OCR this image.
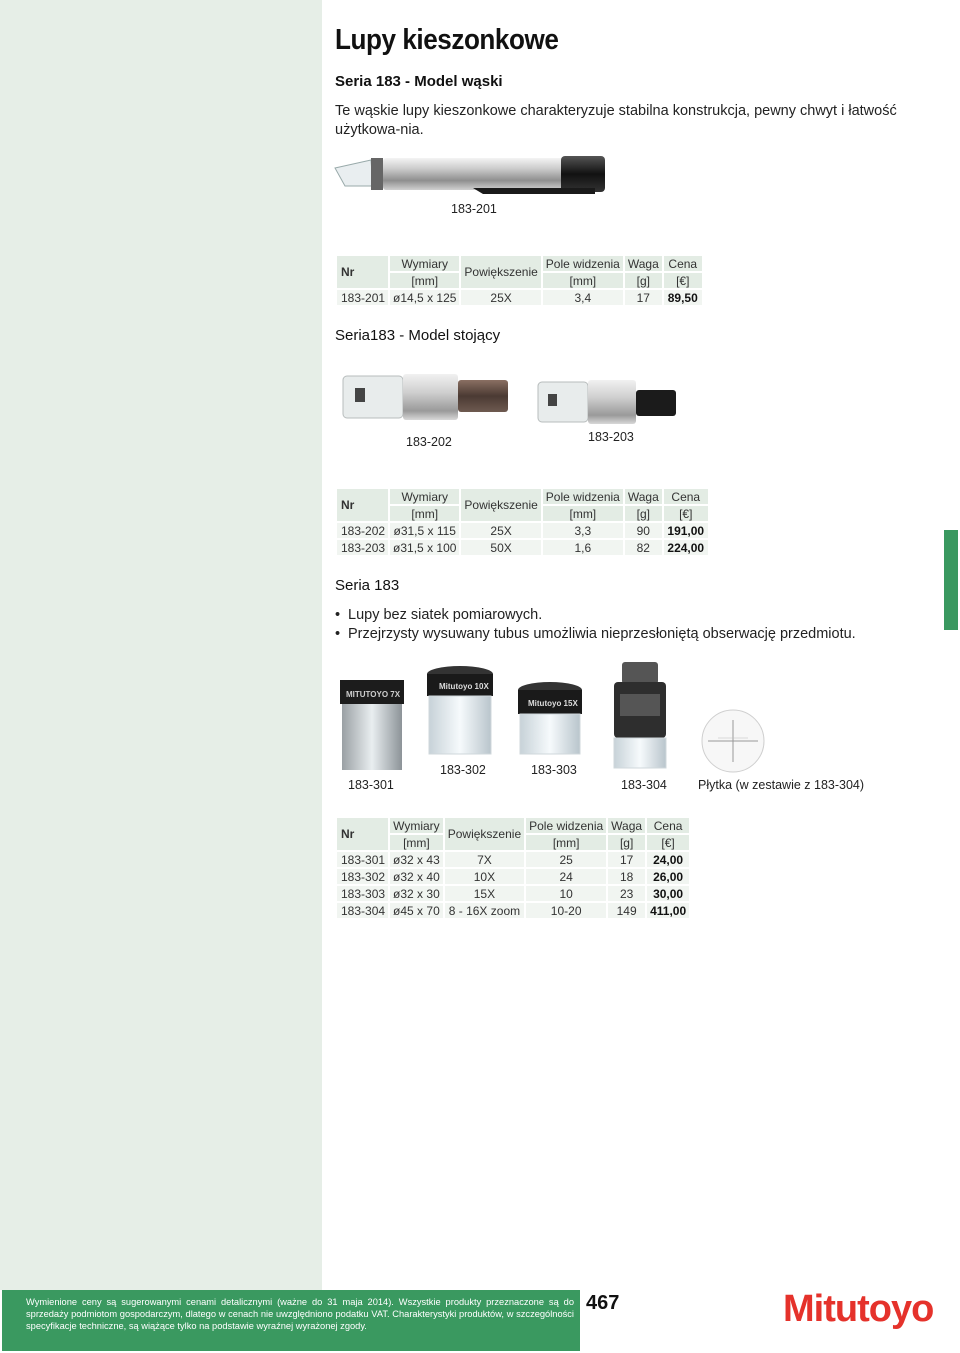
Lupy kieszonkowe
Seria 183 - Model wąski
Te wąskie lupy kieszonkowe charakteryzuje stabilna konstrukcja, pewny chwyt i łatwość użytkowa-nia.
183-201
Nr	Wymiary	Powiększenie	Pole widzenia	Waga	Cena
	[mm]		[mm]	[g]	[€]
183-201	ø14,5 x 125	25X	3,4	17	89,50
Seria183 - Model stojący
183-202	183-203
Nr	Wymiary	Powiększenie	Pole widzenia	Waga	Cena
	[mm]		[mm]	[g]	[€]
183-202	ø31,5 x 115	25X	3,3	90	191,00
183-203	ø31,5 x 100	50X	1,6	82	224,00
Seria 183
• Lupy bez siatek pomiarowych.
• Przejrzysty wysuwany tubus umożliwia nieprzesłoniętą obserwację przedmiotu.
MITUTOYO 7X
Mitutoyo 10X
Mitutoyo 15X
183-301
183-302	183-303
183-304 Płytka (w zestawie z 183-304)
Nr	Wymiary	Powiększenie	Pole widzenia	Waga	Cena
	[mm]		[mm]	[g]	[€]
183-301	ø32 x 43	7X	25	17	24,00
183-302	ø32 x 40	10X	24	18	26,00
183-303	ø32 x 30	15X	10	23	30,00
183-304	ø45 x 70	8 - 16X zoom	10-20	149	411,00
Wymienione ceny są sugerowanymi cenami detalicznymi (ważne do 31 maja 2014). Wszystkie produkty przeznaczone są do sprzedaży podmiotom gospodarczym, dlatego w cenach nie uwzględniono podatku VAT. Charakterystyki produktów, w szczególności specyfikacje techniczne, są wiążące tylko na podstawie wyraźnej wyrażonej zgody.
467	Mitutoyo
